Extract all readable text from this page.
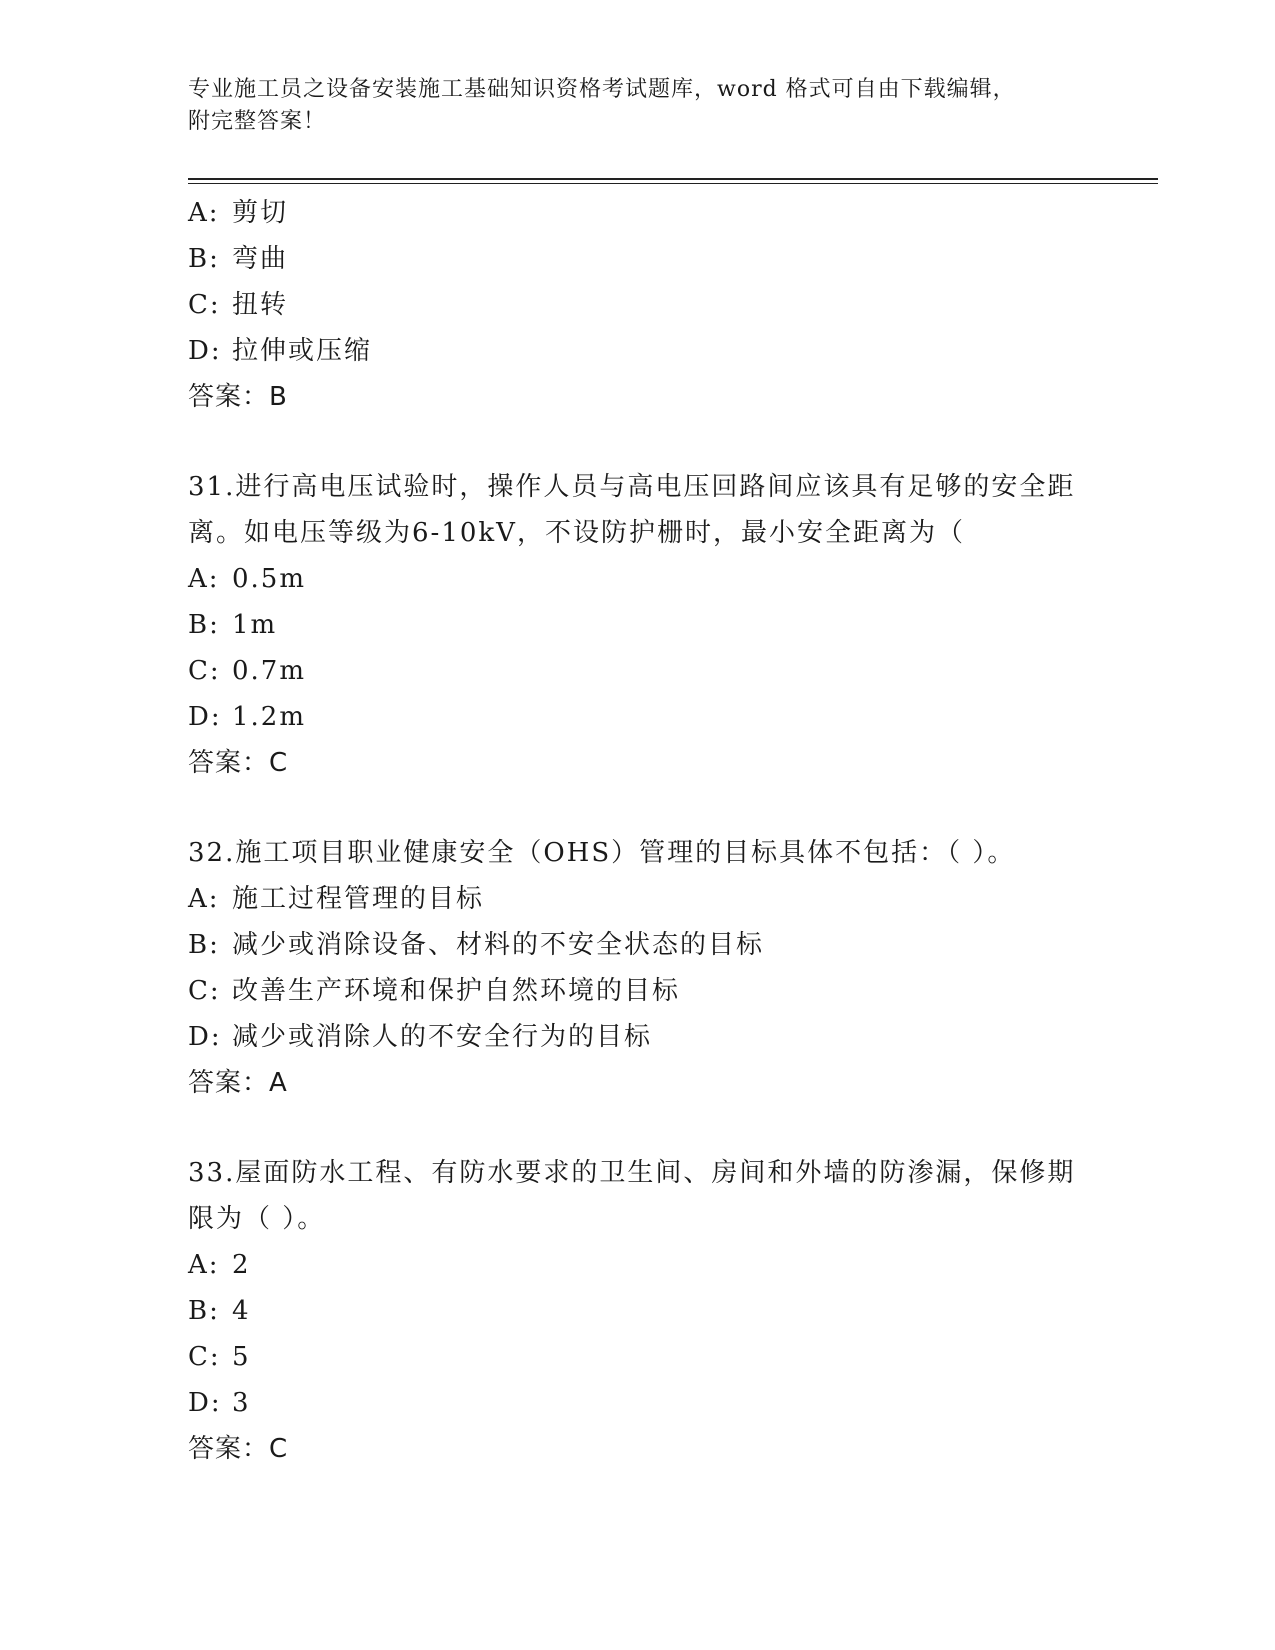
专业施工员之设备安装施工基础知识资格考试题库，word 格式可自由下载编辑，
附完整答案！
A: 剪切
B: 弯曲
C: 扭转
D: 拉伸或压缩
答案：B
31.进行高电压试验时，操作人员与高电压回路间应该具有足够的安全距离。如电压等级为6-10kV，不设防护栅时，最小安全距离为（
A: 0.5m
B: 1m
C: 0.7m
D: 1.2m
答案：C
32.施工项目职业健康安全（OHS）管理的目标具体不包括：（ ）。
A: 施工过程管理的目标
B: 减少或消除设备、材料的不安全状态的目标
C: 改善生产环境和保护自然环境的目标
D: 减少或消除人的不安全行为的目标
答案：A
33.屋面防水工程、有防水要求的卫生间、房间和外墙的防渗漏，保修期限为（ ）。
A: 2
B: 4
C: 5
D: 3
答案：C
